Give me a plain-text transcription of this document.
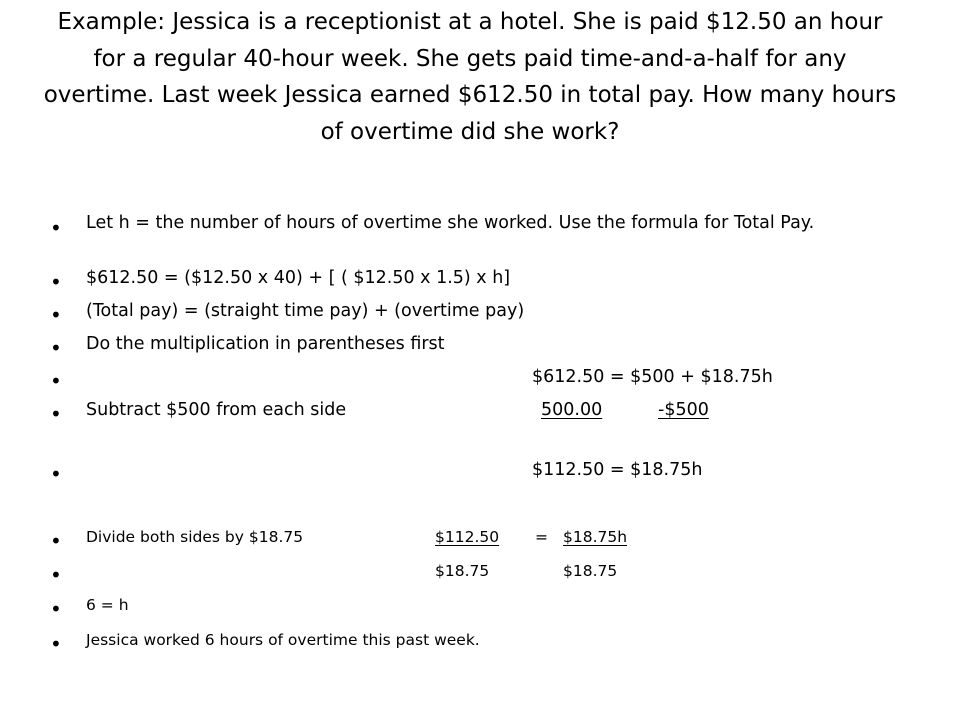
Example: Jessica is a receptionist at a hotel. She is paid $12.50 an hour for a regular 40-hour week. She gets paid time-and-a-half for any overtime. Last week Jessica earned $612.50 in total pay. How many hours of overtime did she work?
• Let h = the number of hours of overtime she worked. Use the formula for Total Pay.
• $612.50 = ($12.50 x 40) + [ ( $12.50 x 1.5) x h]
• (Total pay) = (straight time pay) + (overtime pay)
• Do the multiplication in parentheses first
•	$612.50 = $500 + $18.75h
• Subtract $500 from each side	500.00	-$500
•	$112.50 = $18.75h
• Divide both sides by $18.75	$112.50 = $18.75h
•	$18.75	$18.75
• 6 = h
• Jessica worked 6 hours of overtime this past week.
